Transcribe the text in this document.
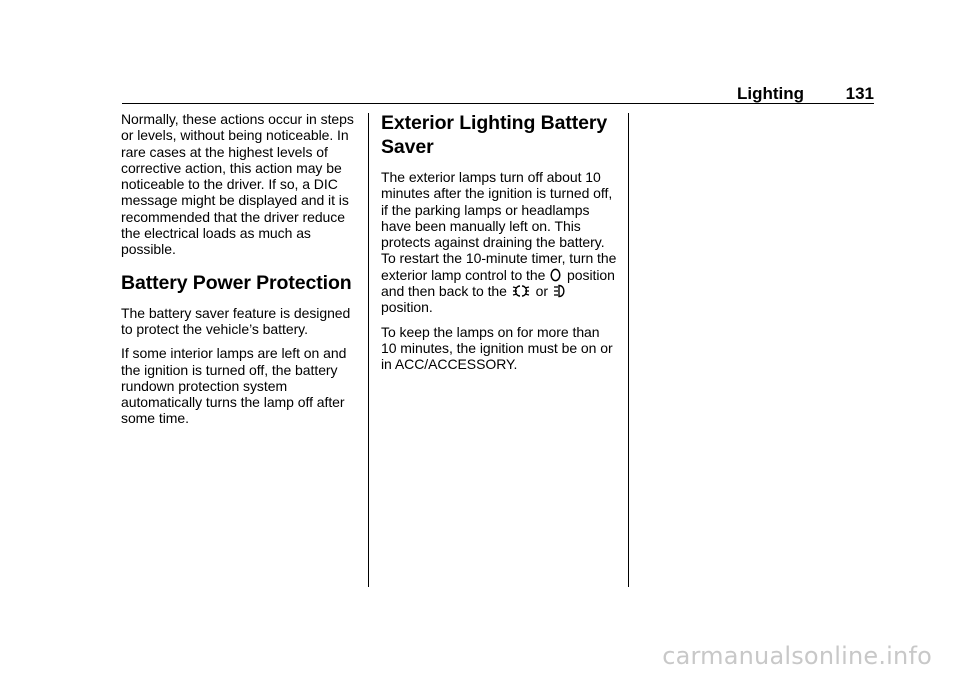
Lighting 131

Normally, these actions occur in steps or levels, without being noticeable. In rare cases at the highest levels of corrective action, this action may be noticeable to the driver. If so, a DIC message might be displayed and it is recommended that the driver reduce the electrical loads as much as possible.

Battery Power Protection

The battery saver feature is designed to protect the vehicle’s battery.

If some interior lamps are left on and the ignition is turned off, the battery rundown protection system automatically turns the lamp off after some time.

Exterior Lighting Battery Saver

The exterior lamps turn off about 10 minutes after the ignition is turned off, if the parking lamps or headlamps have been manually left on. This protects against draining the battery. To restart the 10-minute timer, turn the exterior lamp control to the position and then back to the or
position.

To keep the lamps on for more than 10 minutes, the ignition must be on or in ACC/ACCESSORY.

carmanualsonline.info
